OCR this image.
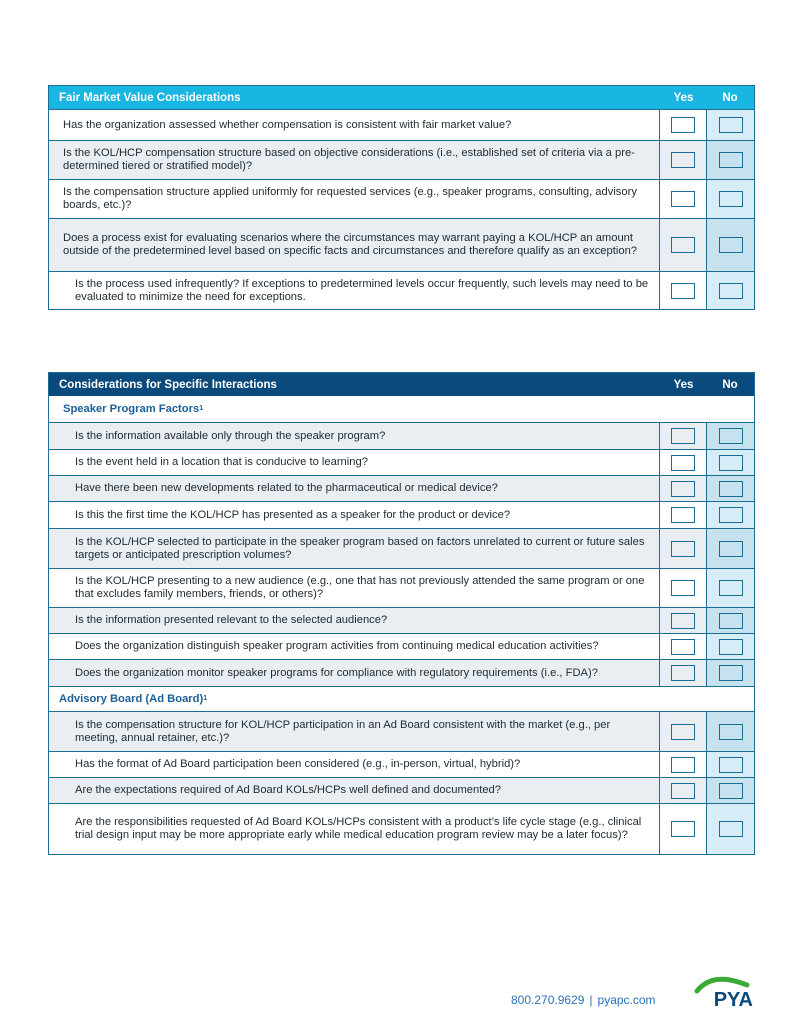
Fair Market Value Considerations	Yes	No
Has the organization assessed whether compensation is consistent with fair market value?
Is the KOL/HCP compensation structure based on objective considerations (i.e., established set of criteria via a pre-determined tiered or stratified model)?
Is the compensation structure applied uniformly for requested services (e.g., speaker programs, consulting, advisory boards, etc.)?
Does a process exist for evaluating scenarios where the circumstances may warrant paying a KOL/HCP an amount outside of the predetermined level based on specific facts and circumstances and therefore qualify as an exception?
Is the process used infrequently? If exceptions to predetermined levels occur frequently, such levels may need to be evaluated to minimize the need for exceptions.
Considerations for Specific Interactions	Yes	No
Speaker Program Factors 1
Is the information available only through the speaker program?
Is the event held in a location that is conducive to learning?
Have there been new developments related to the pharmaceutical or medical device?
Is this the first time the KOL/HCP has presented as a speaker for the product or device?
Is the KOL/HCP selected to participate in the speaker program based on factors unrelated to current or future sales targets or anticipated prescription volumes?
Is the KOL/HCP presenting to a new audience (e.g., one that has not previously attended the same program or one that excludes family members, friends, or others)?
Is the information presented relevant to the selected audience?
Does the organization distinguish speaker program activities from continuing medical education activities?
Does the organization monitor speaker programs for compliance with regulatory requirements (i.e., FDA)?
Advisory Board (Ad Board) 1
Is the compensation structure for KOL/HCP participation in an Ad Board consistent with the market (e.g., per meeting, annual retainer, etc.)?
Has the format of Ad Board participation been considered (e.g., in-person, virtual, hybrid)?
Are the expectations required of Ad Board KOLs/HCPs well defined and documented?
Are the responsibilities requested of Ad Board KOLs/HCPs consistent with a product’s life cycle stage (e.g., clinical trial design input may be more appropriate early while medical education program review may be a later focus)?
800.270.9629 | pyapc.com	PYA
